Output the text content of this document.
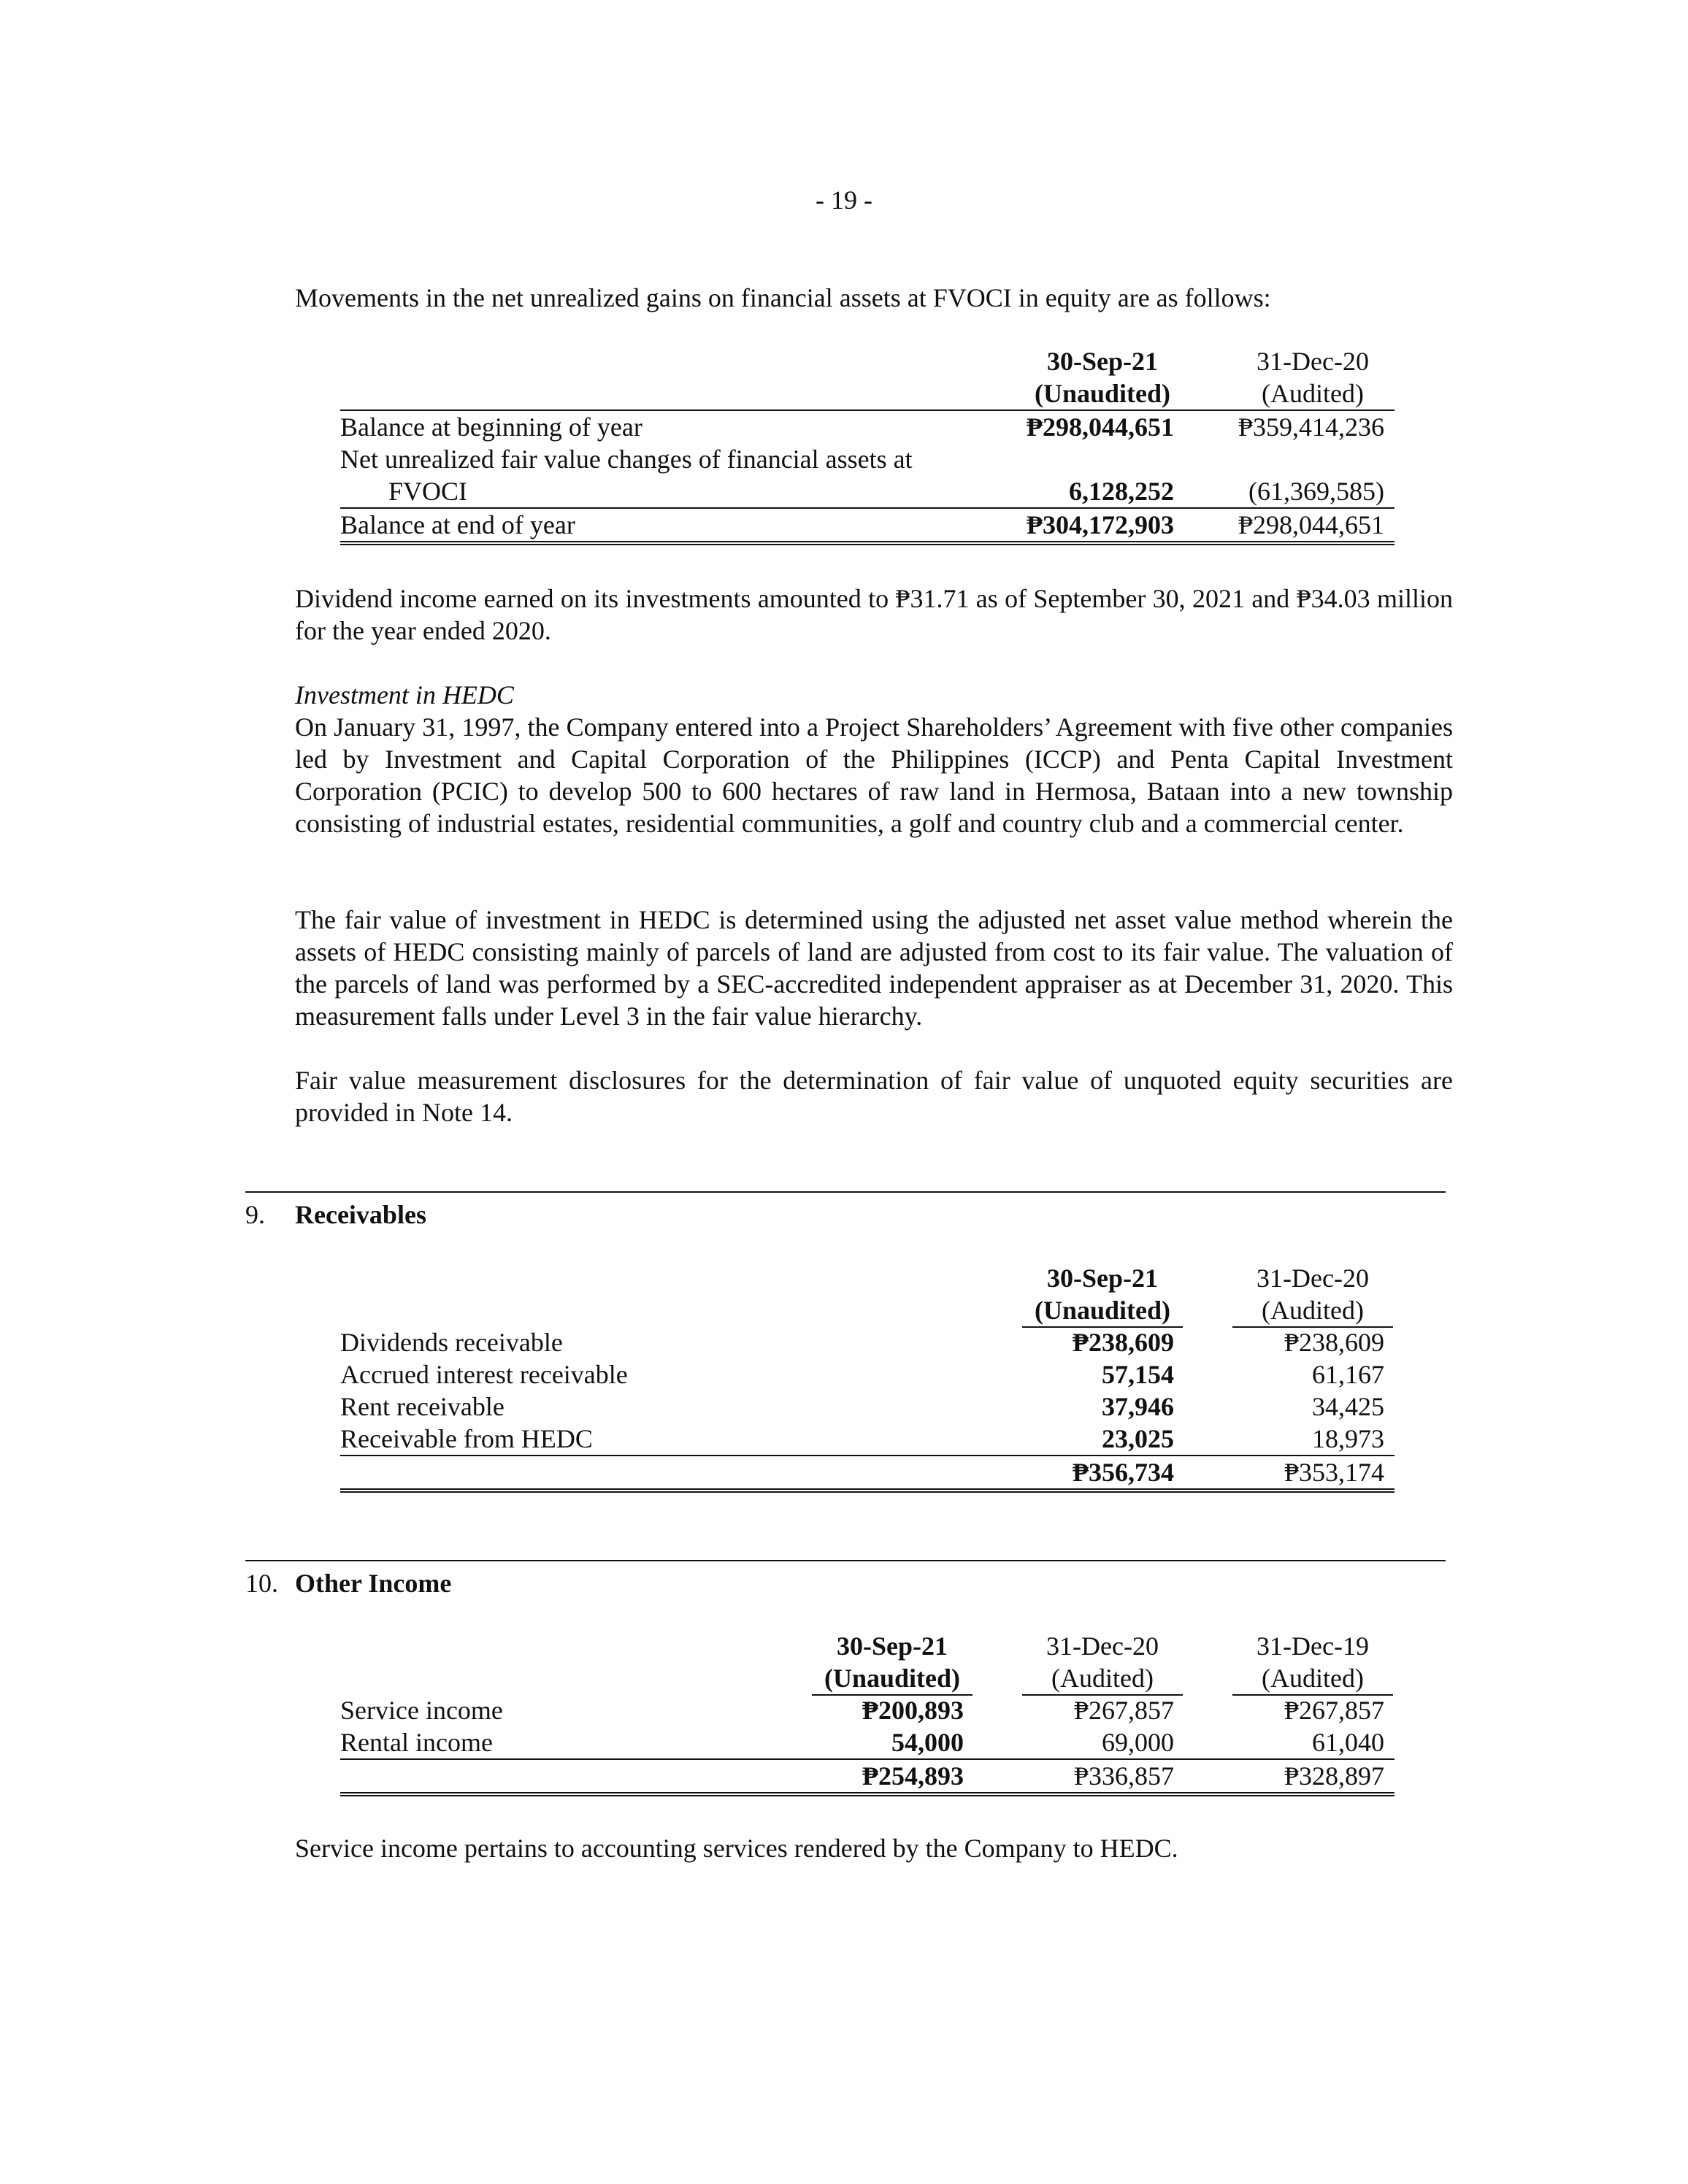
- 19 -
Movements in the net unrealized gains on financial assets at FVOCI in equity are as follows:
30-Sep-21	31-Dec-20
(Unaudited)	(Audited)
Balance at beginning of year	₱298,044,651	₱359,414,236
Net unrealized fair value changes of financial assets at
FVOCI	6,128,252	(61,369,585)
Balance at end of year	₱304,172,903	₱298,044,651
Dividend income earned on its investments amounted to ₱31.71 as of September 30, 2021 and ₱34.03 million for the year ended 2020.
Investment in HEDC
On January 31, 1997, the Company entered into a Project Shareholders’ Agreement with five other companies led by Investment and Capital Corporation of the Philippines (ICCP) and Penta Capital Investment Corporation (PCIC) to develop 500 to 600 hectares of raw land in Hermosa, Bataan into a new township consisting of industrial estates, residential communities, a golf and country club and a commercial center.
The fair value of investment in HEDC is determined using the adjusted net asset value method wherein the assets of HEDC consisting mainly of parcels of land are adjusted from cost to its fair value. The valuation of the parcels of land was performed by a SEC-accredited independent appraiser as at December 31, 2020. This measurement falls under Level 3 in the fair value hierarchy.
Fair value measurement disclosures for the determination of fair value of unquoted equity securities are provided in Note 14.
9. Receivables
30-Sep-21	31-Dec-20
(Unaudited)	(Audited)
Dividends receivable	₱238,609	₱238,609
Accrued interest receivable	57,154	61,167
Rent receivable	37,946	34,425
Receivable from HEDC	23,025	18,973
₱356,734	₱353,174
10. Other Income
30-Sep-21	31-Dec-20	31-Dec-19
(Unaudited)	(Audited)	(Audited)
Service income	₱200,893	₱267,857	₱267,857
Rental income	54,000	69,000	61,040
₱254,893	₱336,857	₱328,897
Service income pertains to accounting services rendered by the Company to HEDC.
